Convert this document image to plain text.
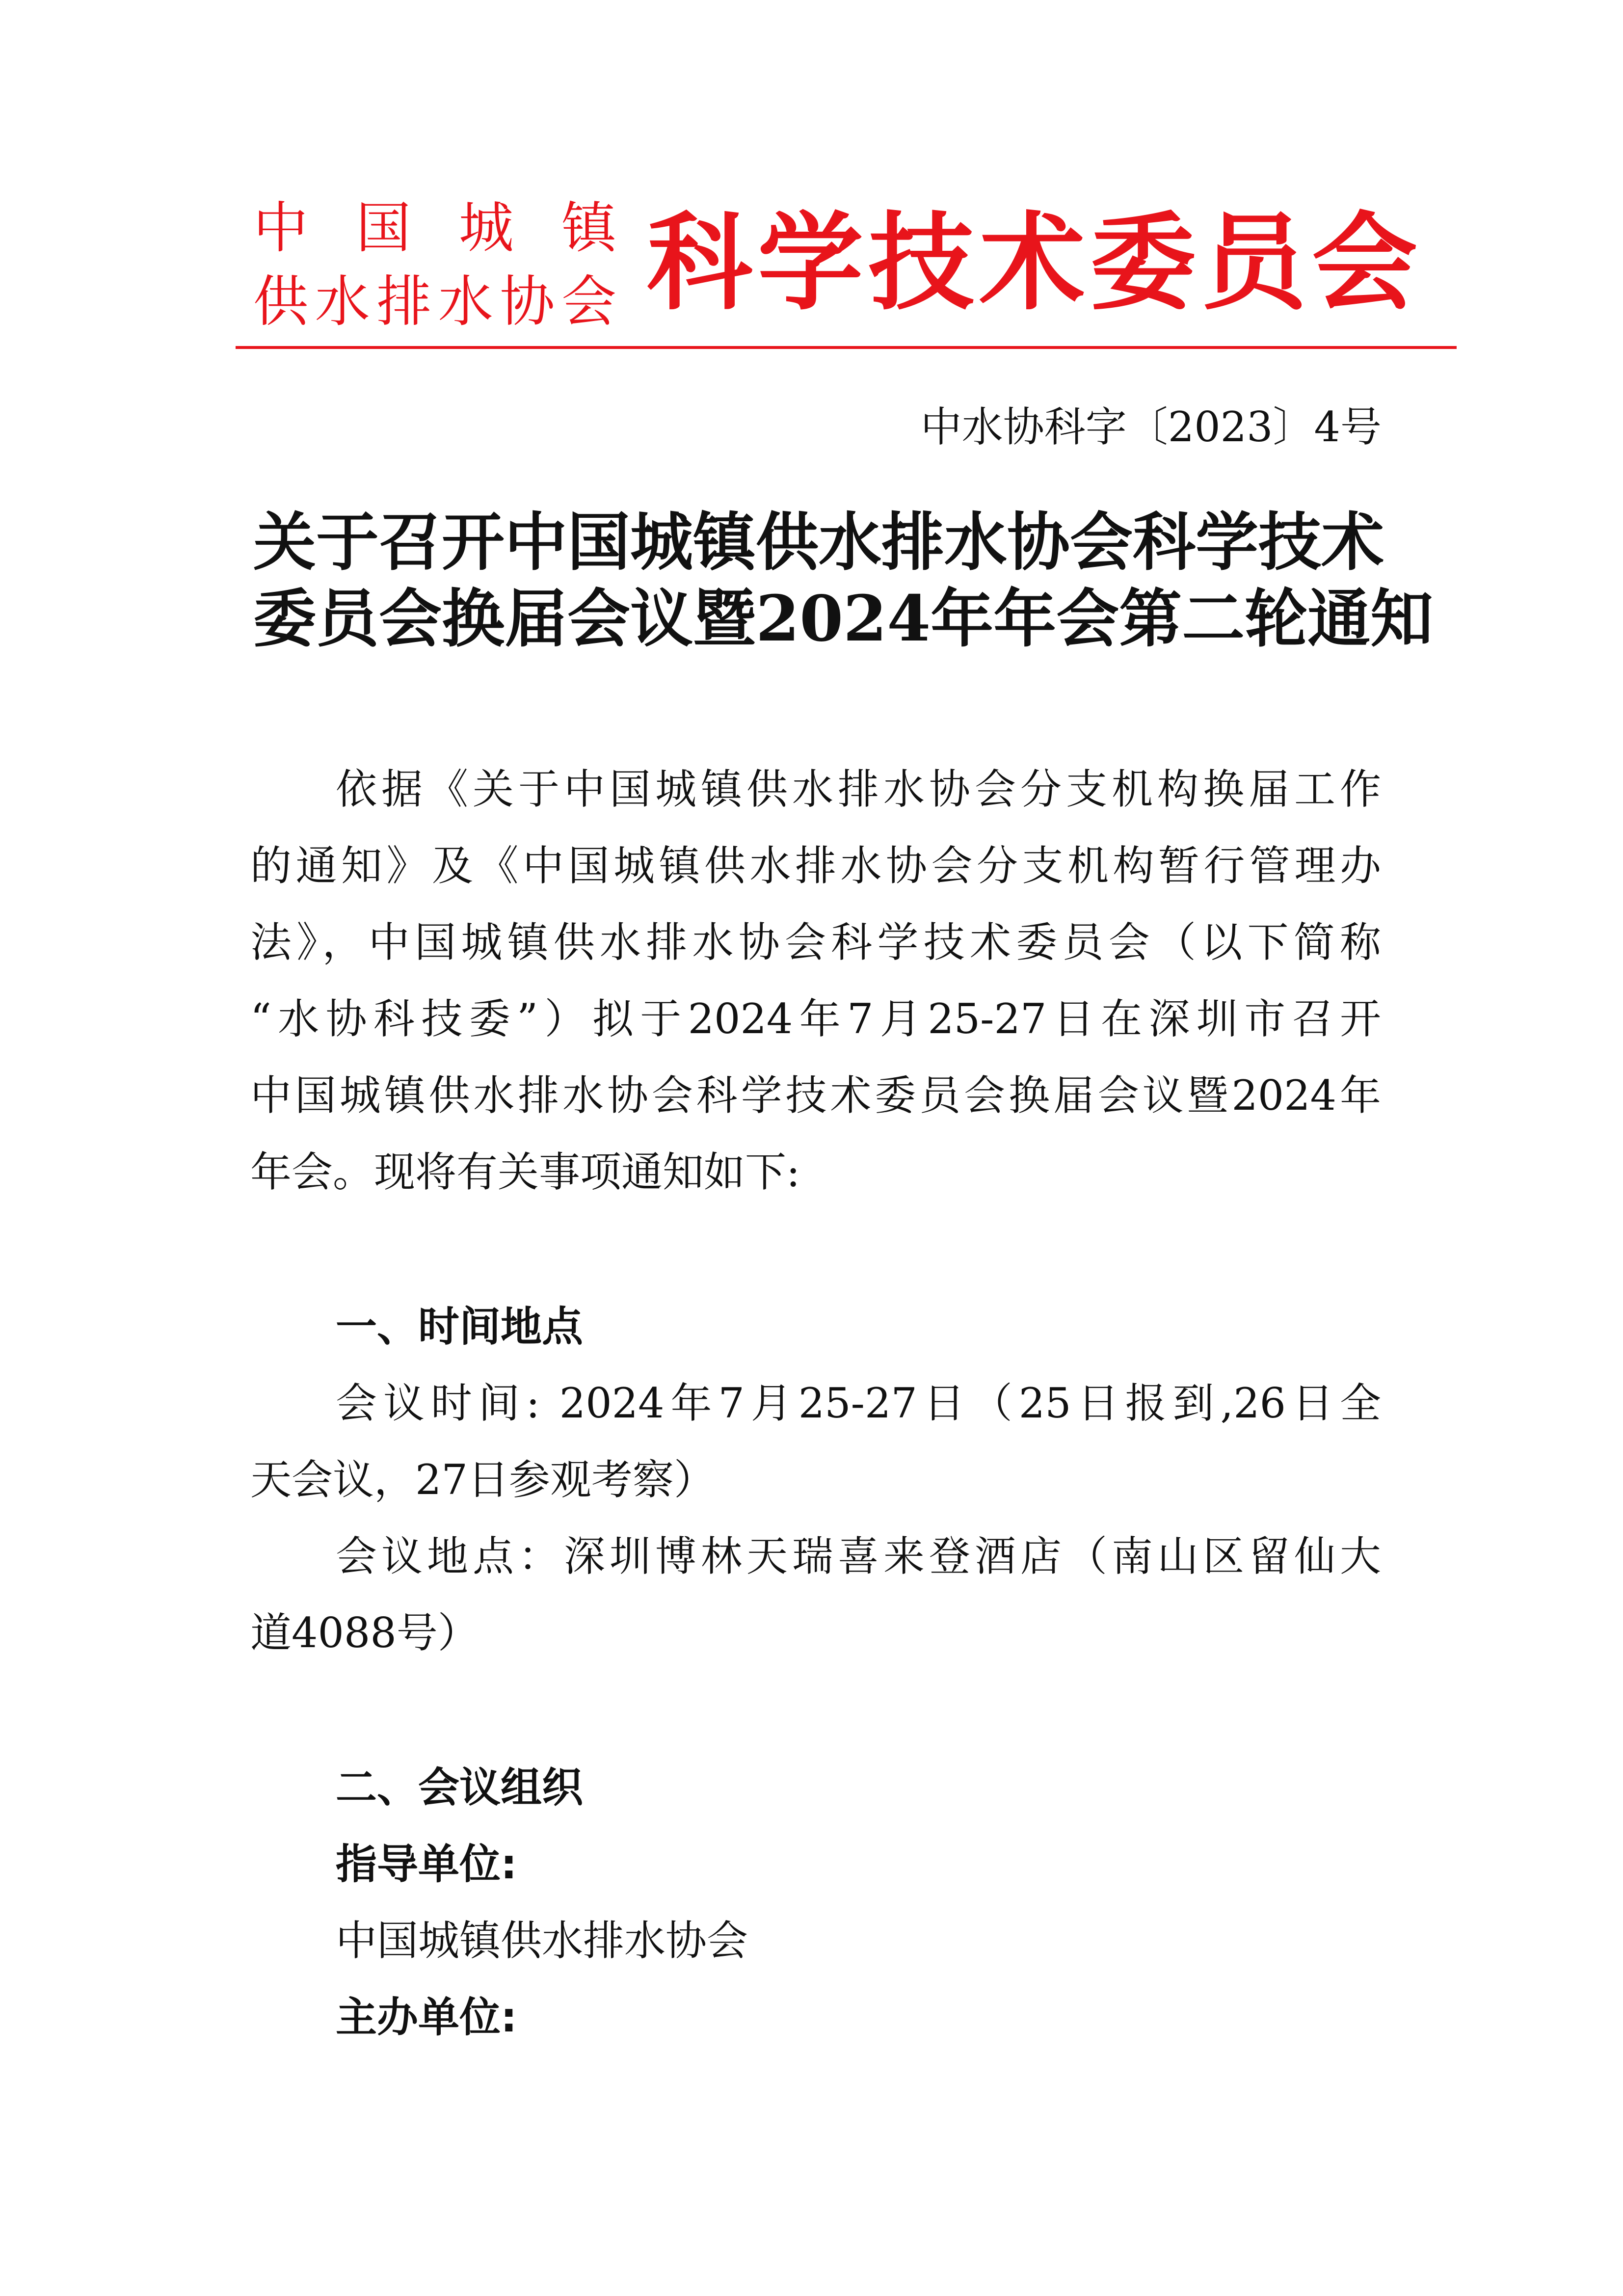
中 国 城 镇
供水排水协会 科学技术委员会
中水协科字〔2023〕4号
关于召开中国城镇供水排水协会科学技术
委员会换届会议暨2024年年会第二轮通知
依据《关于中国城镇供水排水协会分支机构换届工作
的通知》及《中国城镇供水排水协会分支机构暂行管理办
法》，中国城镇供水排水协会科学技术委员会（以下简称
“水协科技委”）拟于2024年7月25-27日在深圳市召开
中国城镇供水排水协会科学技术委员会换届会议暨2024年
年会。现将有关事项通知如下:
一、时间地点
会议时间: 2024年7月25-27日（25日报到,26日全
天会议，27日参观考察）
会议地点：深圳博林天瑞喜来登酒店（南山区留仙大
道4088号）
二、会议组织
指导单位:
中国城镇供水排水协会
主办单位:
